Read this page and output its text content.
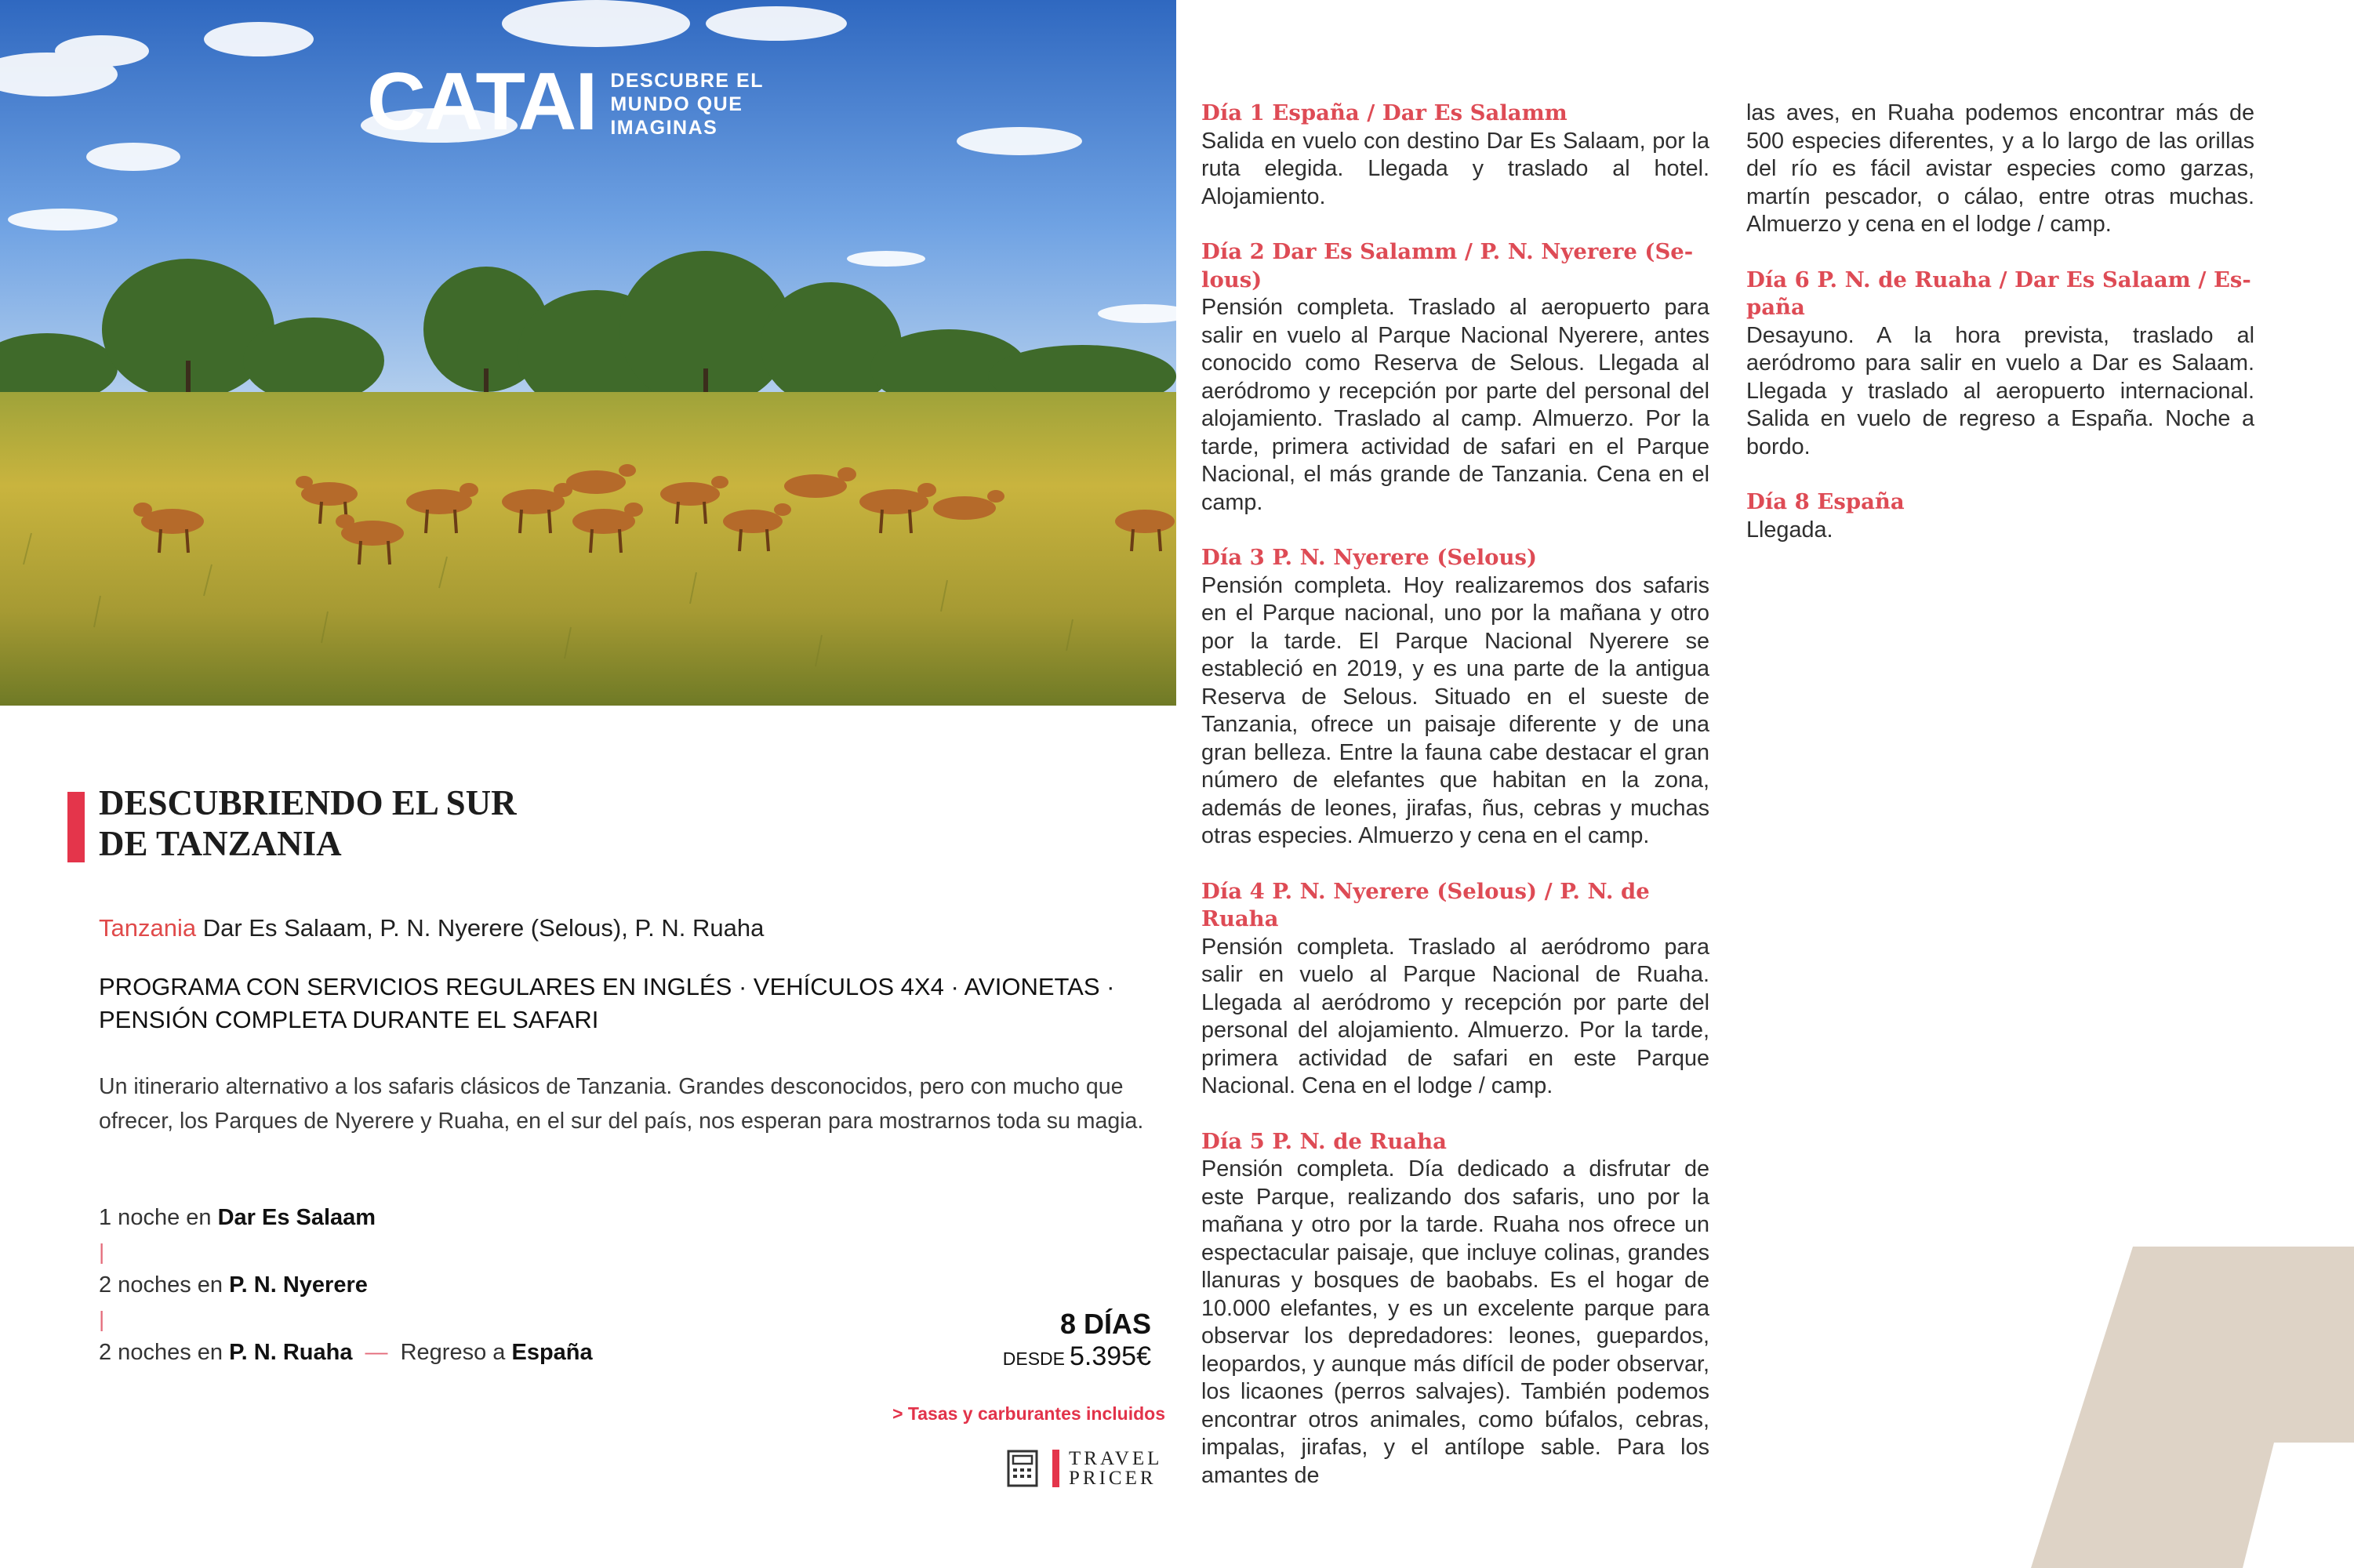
CATAI DESCUBRE EL
MUNDO QUE
IMAGINAS
DESCUBRIENDO EL SUR
DE TANZANIA
Tanzania Dar Es Salaam, P. N. Nyerere (Selous), P. N. Ruaha
PROGRAMA CON SERVICIOS REGULARES EN INGLÉS · VEHÍCULOS 4X4 · AVIONETAS · PENSIÓN COMPLETA DURANTE EL SAFARI

Un itinerario alternativo a los safaris clásicos de Tanzania. Grandes desconocidos, pero con mucho que ofrecer, los Parques de Nyerere y Ruaha, en el sur del país, nos esperan para mostrarnos toda su magia.

1 noche en Dar Es Salaam
|
2 noches en P. N. Nyerere
|
2 noches en P. N. Ruaha — Regreso a España
8 DÍAS
DESDE 5.395€
> Tasas y carburantes incluidos
TRAVEL
PRICER
Día 1 España / Dar Es Salamm

Salida en vuelo con destino Dar Es Salaam, por la ruta elegida. Llegada y traslado al hotel. Alojamiento.

Día 2 Dar Es Salamm / P. N. Nyerere (Se-lous)

Pensión completa. Traslado al aeropuerto para salir en vuelo al Parque Nacional Nyerere, antes conocido como Reserva de Selous. Llegada al aeródromo y recepción por parte del personal del alojamiento. Traslado al camp. Almuerzo. Por la tarde, primera actividad de safari en el Parque Nacional, el más grande de Tanzania. Cena en el camp.

Día 3 P. N. Nyerere (Selous)

Pensión completa. Hoy realizaremos dos safaris en el Parque nacional, uno por la mañana y otro por la tarde. El Parque Nacional Nyerere se estableció en 2019, y es una parte de la antigua Reserva de Selous. Situado en el sueste de Tanzania, ofrece un paisaje diferente y de una gran belleza. Entre la fauna cabe destacar el gran número de elefantes que habitan en la zona, además de leones, jirafas, ñus, cebras y muchas otras especies. Almuerzo y cena en el camp.

Día 4 P. N. Nyerere (Selous) / P. N. de Ruaha

Pensión completa. Traslado al aeródromo para salir en vuelo al Parque Nacional de Ruaha. Llegada al aeródromo y recepción por parte del personal del alojamiento. Almuerzo. Por la tarde, primera actividad de safari en este Parque Nacional. Cena en el lodge / camp.

Día 5 P. N. de Ruaha

Pensión completa. Día dedicado a disfrutar de este Parque, realizando dos safaris, uno por la mañana y otro por la tarde. Ruaha nos ofrece un espectacular paisaje, que incluye colinas, grandes llanuras y bosques de baobabs. Es el hogar de 10.000 elefantes, y es un excelente parque para observar los depredadores: leones, guepardos, leopardos, y aunque más difícil de poder observar, los licaones (perros salvajes). También podemos encontrar otros animales, como búfalos, cebras, impalas, jirafas, y el antílope sable. Para los amantes de

las aves, en Ruaha podemos encontrar más de 500 especies diferentes, y a lo largo de las orillas del río es fácil avistar especies como garzas, martín pescador, o cálao, entre otras muchas. Almuerzo y cena en el lodge / camp.

Día 6 P. N. de Ruaha / Dar Es Salaam / Es-paña

Desayuno. A la hora prevista, traslado al aeródromo para salir en vuelo a Dar es Salaam. Llegada y traslado al aeropuerto internacional. Salida en vuelo de regreso a España. Noche a bordo.

Día 8 España

Llegada.
